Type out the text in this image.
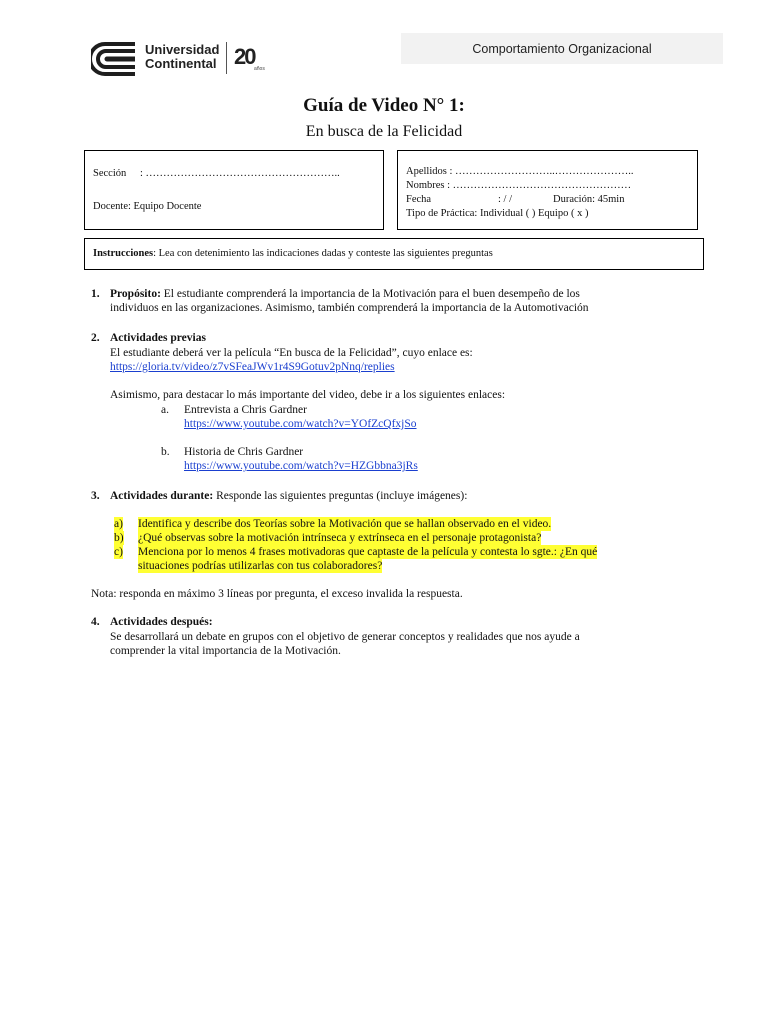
Universidad
Continental 20 años
Comportamiento Organizacional
Guía de Video N° 1:
En busca de la Felicidad
Sección : ………………………………………………..
Docente: Equipo Docente
Apellidos : ………………………..…………………..
Nombres : ……………………………………………
Fecha	: / /	Duración: 45min
Tipo de Práctica: Individual ( ) Equipo ( x )
Instrucciones: Lea con detenimiento las indicaciones dadas y conteste las siguientes preguntas
1. Propósito: El estudiante comprenderá la importancia de la Motivación para el buen desempeño de los
individuos en las organizaciones. Asimismo, también comprenderá la importancia de la Automotivación
2. Actividades previas
El estudiante deberá ver la película “En busca de la Felicidad”, cuyo enlace es:
https://gloria.tv/video/z7vSFeaJWv1r4S9Gotuv2pNnq/replies
Asimismo, para destacar lo más importante del video, debe ir a los siguientes enlaces:
a. Entrevista a Chris Gardner
https://www.youtube.com/watch?v=YOfZcQfxjSo
b. Historia de Chris Gardner
https://www.youtube.com/watch?v=HZGbbna3jRs
3. Actividades durante: Responde las siguientes preguntas (incluye imágenes):
a) Identifica y describe dos Teorías sobre la Motivación que se hallan observado en el video.
b) ¿Qué observas sobre la motivación intrínseca y extrínseca en el personaje protagonista?
c) Menciona por lo menos 4 frases motivadoras que captaste de la película y contesta lo sgte.: ¿En qué
situaciones podrías utilizarlas con tus colaboradores?
Nota: responda en máximo 3 líneas por pregunta, el exceso invalida la respuesta.
4. Actividades después:
Se desarrollará un debate en grupos con el objetivo de generar conceptos y realidades que nos ayude a
comprender la vital importancia de la Motivación.
